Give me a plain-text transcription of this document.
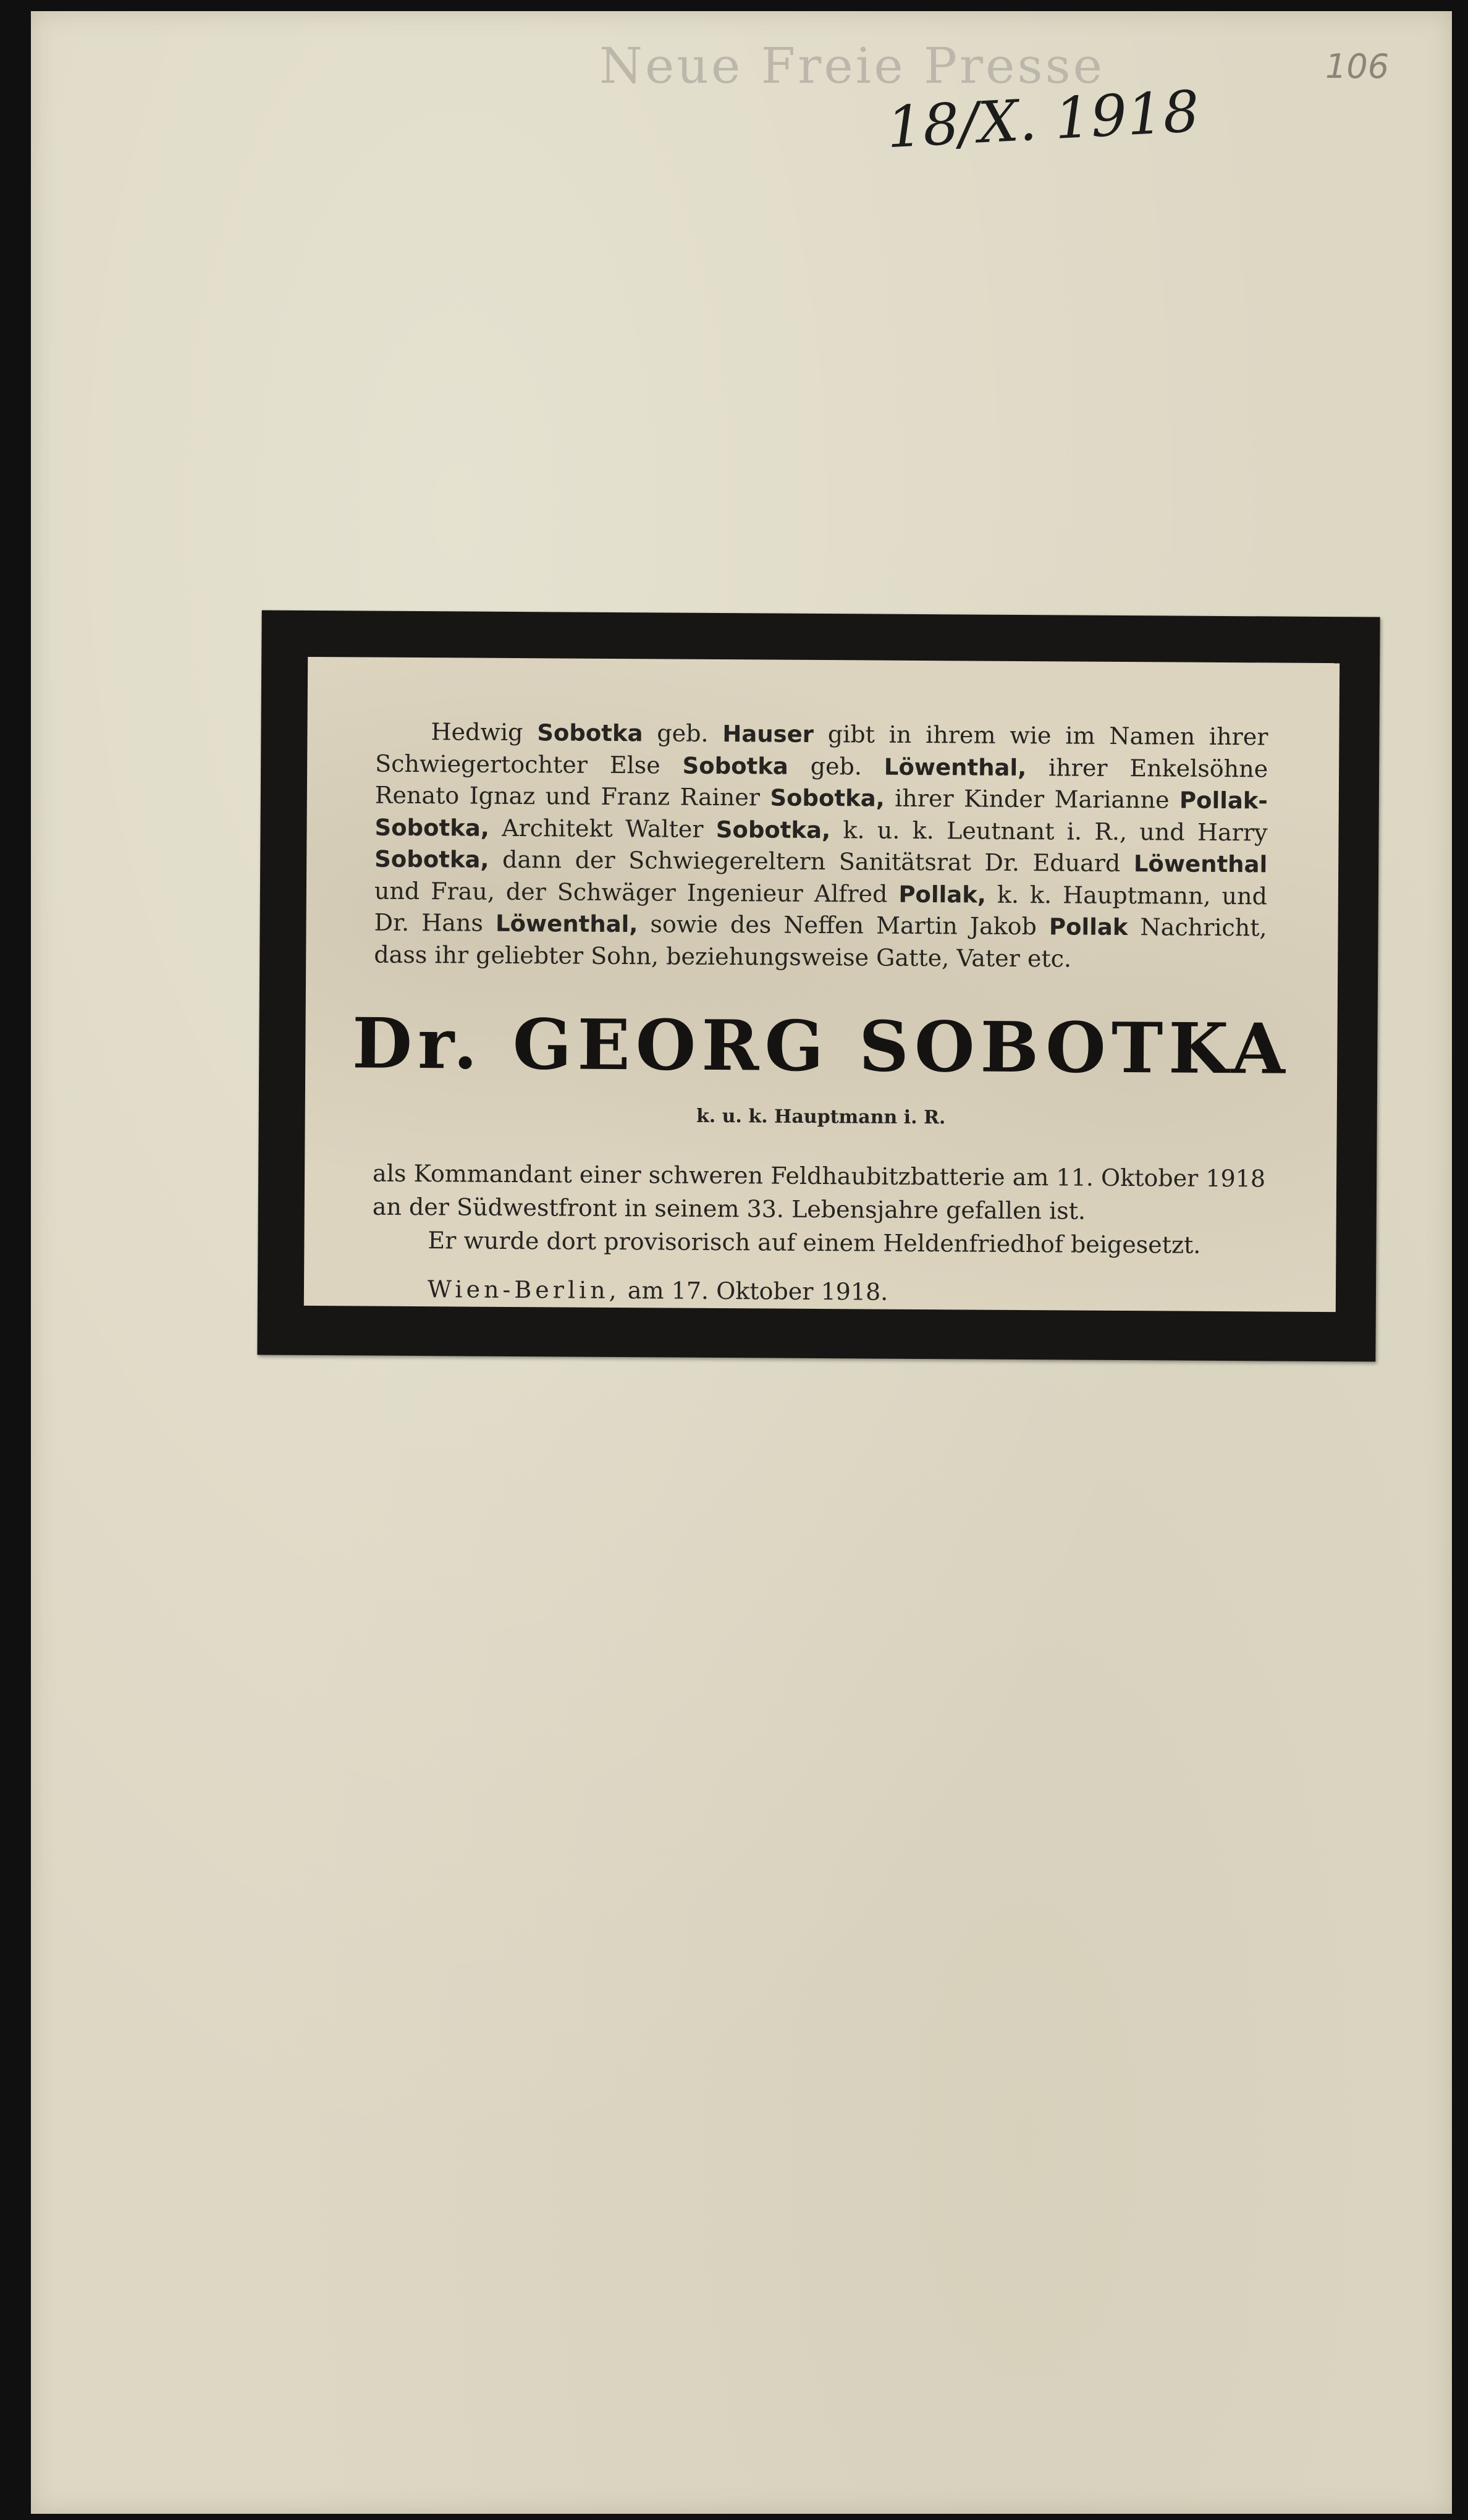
Neue Freie Presse	106
18/X. 1918
Hedwig Sobotka geb. Hauser gibt in ihrem wie im Namen ihrer Schwiegertochter Else Sobotka geb. Löwenthal, ihrer Enkelsöhne Renato Ignaz und Franz Rainer Sobotka, ihrer Kinder Marianne Pollak-Sobotka, Architekt Walter Sobotka, k. u. k. Leutnant i. R., und Harry Sobotka, dann der Schwiegereltern Sanitätsrat Dr. Eduard Löwenthal und Frau, der Schwäger Ingenieur Alfred Pollak, k. k. Hauptmann, und Dr. Hans Löwenthal, sowie des Neffen Martin Jakob Pollak Nachricht, dass ihr geliebter Sohn, beziehungsweise Gatte, Vater etc.
Dr. GEORG SOBOTKA
k. u. k. Hauptmann i. R.

als Kommandant einer schweren Feldhaubitzbatterie am 11. Oktober 1918 an der Südwestfront in seinem 33. Lebensjahre gefallen ist.

Er wurde dort provisorisch auf einem Heldenfriedhof beigesetzt.

Wien-Berlin, am 17. Oktober 1918.
